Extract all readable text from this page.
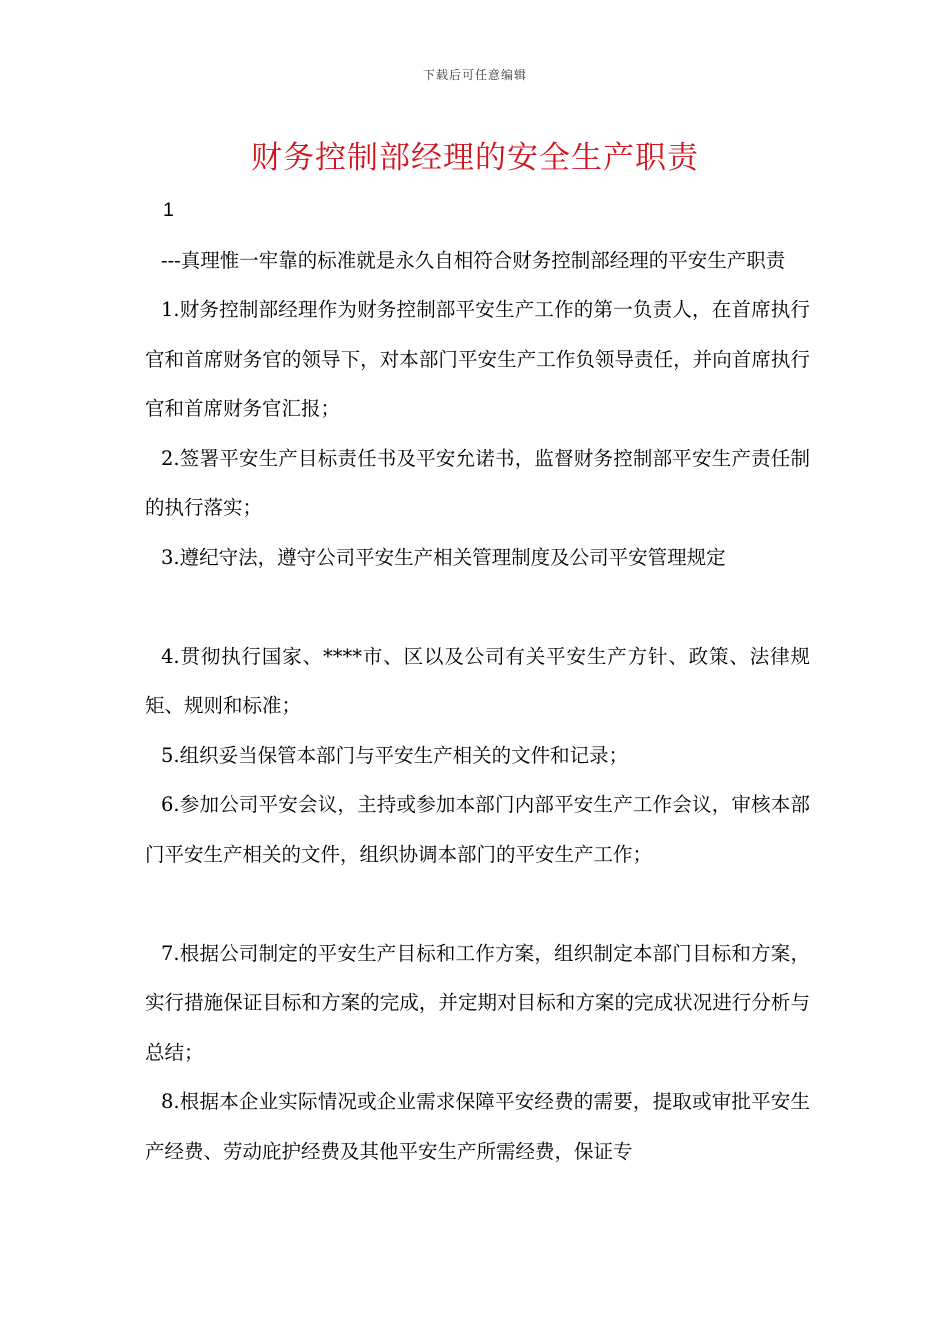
下载后可任意编辑
财务控制部经理的安全生产职责

1

---真理惟一牢靠的标准就是永久自相符合财务控制部经理的平安生产职责

1.财务控制部经理作为财务控制部平安生产工作的第一负责人，在首席执行官和首席财务官的领导下，对本部门平安生产工作负领导责任，并向首席执行官和首席财务官汇报；

2.签署平安生产目标责任书及平安允诺书，监督财务控制部平安生产责任制的执行落实；

3.遵纪守法，遵守公司平安生产相关管理制度及公司平安管理规定

4.贯彻执行国家、****市、区以及公司有关平安生产方针、政策、法律规矩、规则和标准；

5.组织妥当保管本部门与平安生产相关的文件和记录；

6.参加公司平安会议，主持或参加本部门内部平安生产工作会议，审核本部门平安生产相关的文件，组织协调本部门的平安生产工作；

7.根据公司制定的平安生产目标和工作方案，组织制定本部门目标和方案，实行措施保证目标和方案的完成，并定期对目标和方案的完成状况进行分析与总结；

8.根据本企业实际情况或企业需求保障平安经费的需要，提取或审批平安生产经费、劳动庇护经费及其他平安生产所需经费，保证专
